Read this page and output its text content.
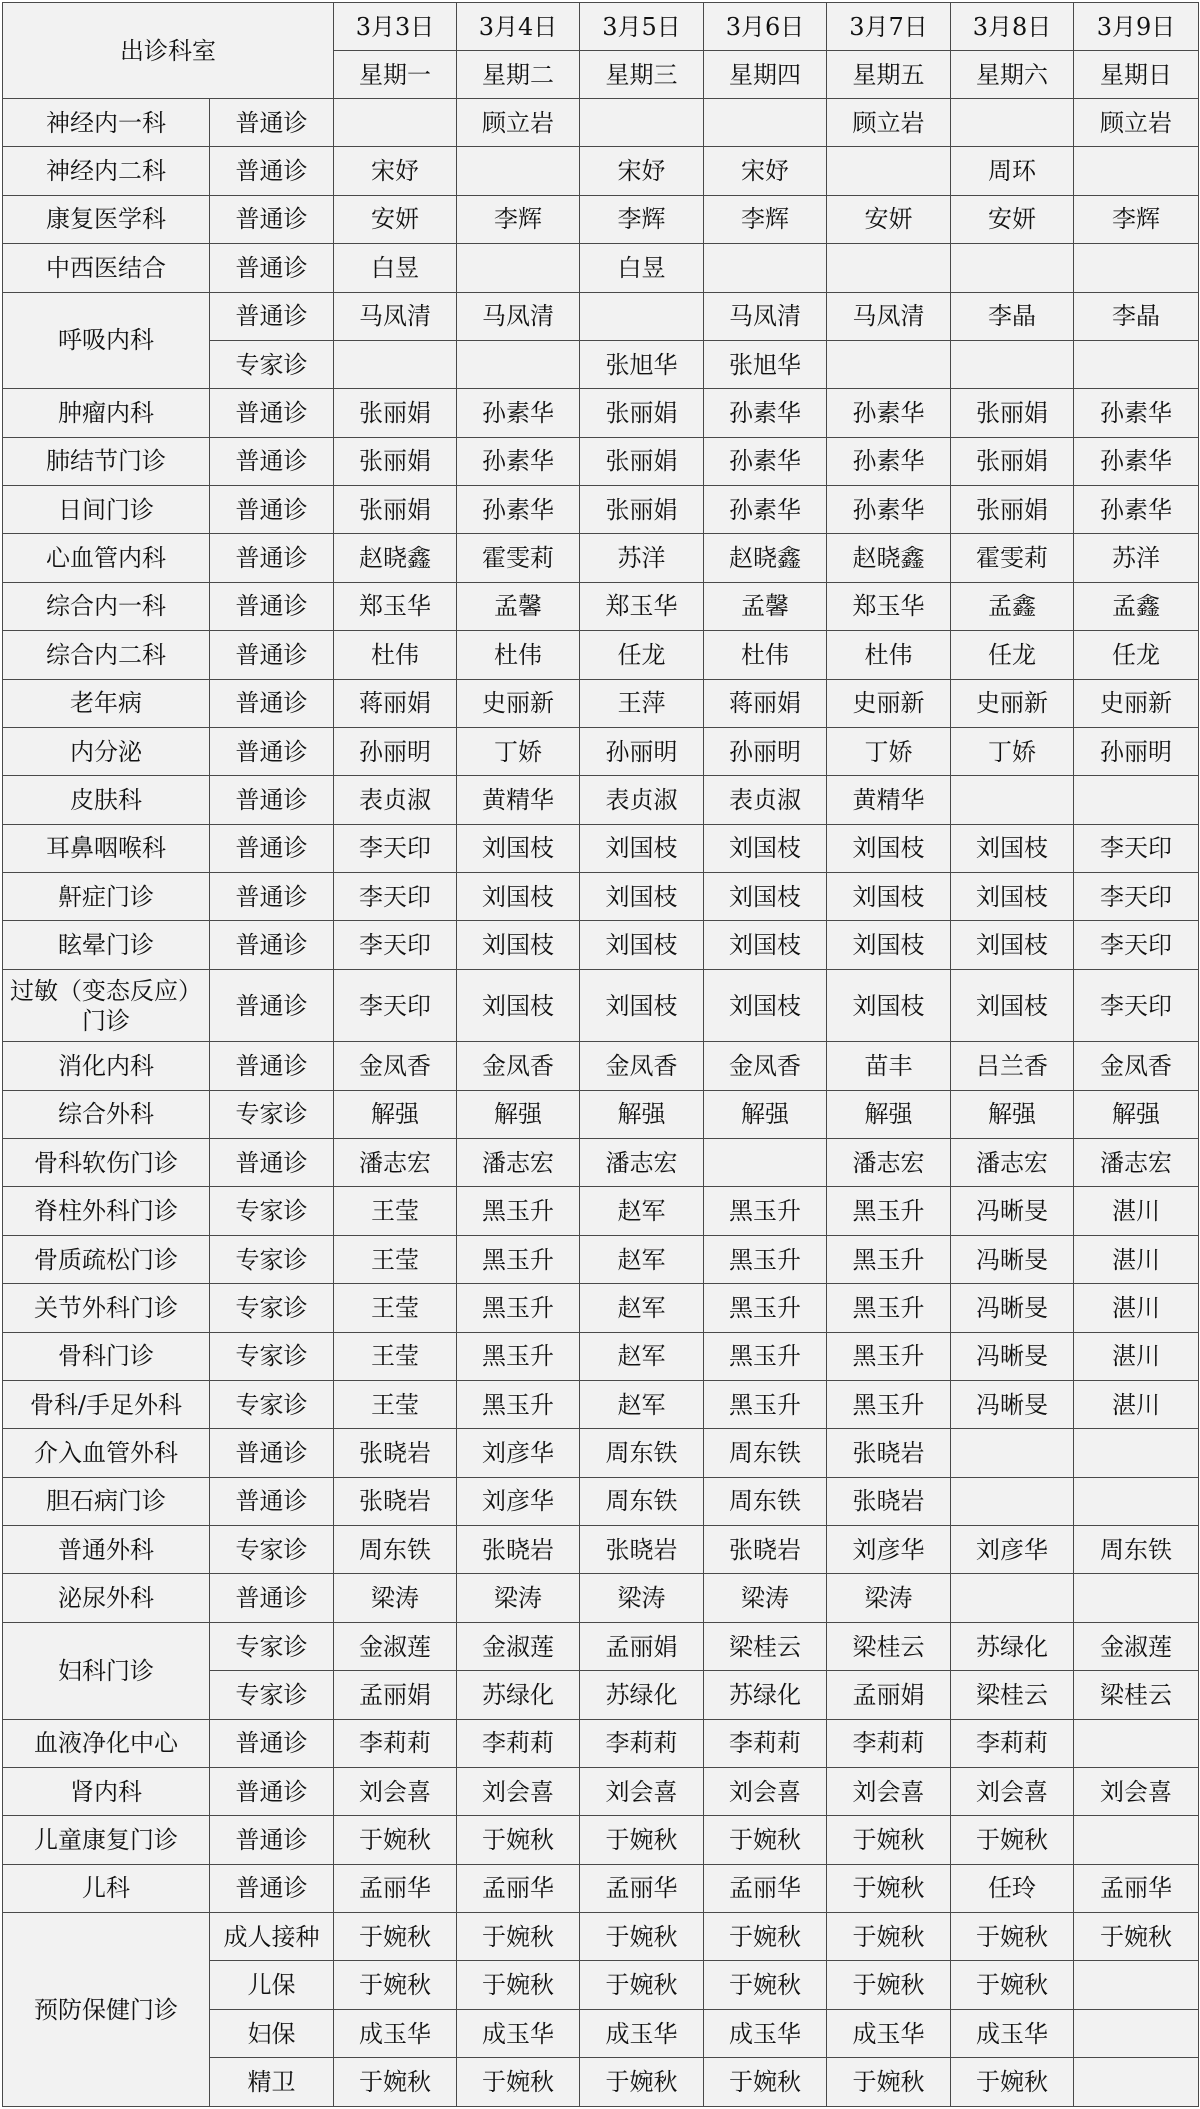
出诊科室		3月3日	3月4日	3月5日	3月6日	3月7日	3月8日	3月9日
		星期一	星期二	星期三	星期四	星期五	星期六	星期日
神经内一科	普通诊		顾立岩			顾立岩		顾立岩
神经内二科	普通诊	宋妤		宋妤	宋妤		周环	
康复医学科	普通诊	安妍	李辉	李辉	李辉	安妍	安妍	李辉
中西医结合	普通诊	白昱		白昱				
呼吸内科	普通诊	马凤清	马凤清		马凤清	马凤清	李晶	李晶
	专家诊			张旭华	张旭华			
肿瘤内科	普通诊	张丽娟	孙素华	张丽娟	孙素华	孙素华	张丽娟	孙素华
肺结节门诊	普通诊	张丽娟	孙素华	张丽娟	孙素华	孙素华	张丽娟	孙素华
日间门诊	普通诊	张丽娟	孙素华	张丽娟	孙素华	孙素华	张丽娟	孙素华
心血管内科	普通诊	赵晓鑫	霍雯莉	苏洋	赵晓鑫	赵晓鑫	霍雯莉	苏洋
综合内一科	普通诊	郑玉华	孟馨	郑玉华	孟馨	郑玉华	孟鑫	孟鑫
综合内二科	普通诊	杜伟	杜伟	任龙	杜伟	杜伟	任龙	任龙
老年病	普通诊	蒋丽娟	史丽新	王萍	蒋丽娟	史丽新	史丽新	史丽新
内分泌	普通诊	孙丽明	丁娇	孙丽明	孙丽明	丁娇	丁娇	孙丽明
皮肤科	普通诊	表贞淑	黄精华	表贞淑	表贞淑	黄精华		
耳鼻咽喉科	普通诊	李天印	刘国枝	刘国枝	刘国枝	刘国枝	刘国枝	李天印
鼾症门诊	普通诊	李天印	刘国枝	刘国枝	刘国枝	刘国枝	刘国枝	李天印
眩晕门诊	普通诊	李天印	刘国枝	刘国枝	刘国枝	刘国枝	刘国枝	李天印
过敏（变态反应）门诊	普通诊	李天印	刘国枝	刘国枝	刘国枝	刘国枝	刘国枝	李天印
消化内科	普通诊	金凤香	金凤香	金凤香	金凤香	苗丰	吕兰香	金凤香
综合外科	专家诊	解强	解强	解强	解强	解强	解强	解强
骨科软伤门诊	普通诊	潘志宏	潘志宏	潘志宏		潘志宏	潘志宏	潘志宏
脊柱外科门诊	专家诊	王莹	黑玉升	赵军	黑玉升	黑玉升	冯晰旻	湛川
骨质疏松门诊	专家诊	王莹	黑玉升	赵军	黑玉升	黑玉升	冯晰旻	湛川
关节外科门诊	专家诊	王莹	黑玉升	赵军	黑玉升	黑玉升	冯晰旻	湛川
骨科门诊	专家诊	王莹	黑玉升	赵军	黑玉升	黑玉升	冯晰旻	湛川
骨科/手足外科	专家诊	王莹	黑玉升	赵军	黑玉升	黑玉升	冯晰旻	湛川
介入血管外科	普通诊	张晓岩	刘彦华	周东铁	周东铁	张晓岩		
胆石病门诊	普通诊	张晓岩	刘彦华	周东铁	周东铁	张晓岩		
普通外科	专家诊	周东铁	张晓岩	张晓岩	张晓岩	刘彦华	刘彦华	周东铁
泌尿外科	普通诊	梁涛	梁涛	梁涛	梁涛	梁涛		
妇科门诊	专家诊	金淑莲	金淑莲	孟丽娟	梁桂云	梁桂云	苏绿化	金淑莲
	专家诊	孟丽娟	苏绿化	苏绿化	苏绿化	孟丽娟	梁桂云	梁桂云
血液净化中心	普通诊	李莉莉	李莉莉	李莉莉	李莉莉	李莉莉	李莉莉	
肾内科	普通诊	刘会喜	刘会喜	刘会喜	刘会喜	刘会喜	刘会喜	刘会喜
儿童康复门诊	普通诊	于婉秋	于婉秋	于婉秋	于婉秋	于婉秋	于婉秋	
儿科	普通诊	孟丽华	孟丽华	孟丽华	孟丽华	于婉秋	任玲	孟丽华
预防保健门诊	成人接种	于婉秋	于婉秋	于婉秋	于婉秋	于婉秋	于婉秋	于婉秋
	儿保	于婉秋	于婉秋	于婉秋	于婉秋	于婉秋	于婉秋	
	妇保	成玉华	成玉华	成玉华	成玉华	成玉华	成玉华	
	精卫	于婉秋	于婉秋	于婉秋	于婉秋	于婉秋	于婉秋	
